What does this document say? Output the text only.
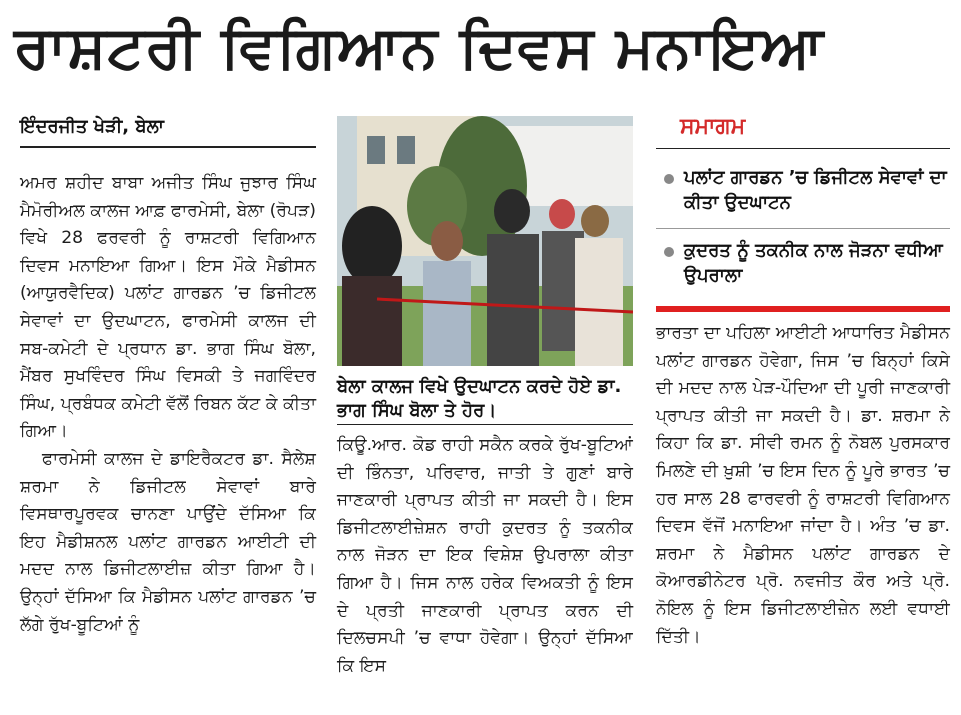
ਰਾਸ਼ਟਰੀ ਵਿਗਿਆਨ ਦਿਵਸ ਮਨਾਇਆ
ਇੰਦਰਜੀਤ ਖੇੜੀ, ਬੇਲਾ

ਅਮਰ ਸ਼ਹੀਦ ਬਾਬਾ ਅਜੀਤ ਸਿੰਘ ਜੁਝਾਰ ਸਿੰਘ ਮੈਮੋਰੀਅਲ ਕਾਲਜ ਆਫ਼ ਫਾਰਮੇਸੀ, ਬੇਲਾ (ਰੋਪੜ) ਵਿਖੇ 28 ਫਰਵਰੀ ਨੂੰ ਰਾਸ਼ਟਰੀ ਵਿਗਿਆਨ ਦਿਵਸ ਮਨਾਇਆ ਗਿਆ। ਇਸ ਮੌਕੇ ਮੈਡੀਸਨ (ਆਯੁਰਵੈਦਿਕ) ਪਲਾਂਟ ਗਾਰਡਨ ’ਚ ਡਿਜੀਟਲ ਸੇਵਾਵਾਂ ਦਾ ਉਦਘਾਟਨ, ਫਾਰਮੇਸੀ ਕਾਲਜ ਦੀ ਸਬ-ਕਮੇਟੀ ਦੇ ਪ੍ਰਧਾਨ ਡਾ. ਭਾਗ ਸਿੰਘ ਬੋਲਾ, ਮੈਂਬਰ ਸੁਖਵਿੰਦਰ ਸਿੰਘ ਵਿਸਕੀ ਤੇ ਜਗਵਿੰਦਰ ਸਿੰਘ, ਪ੍ਰਬੰਧਕ ਕਮੇਟੀ ਵੱਲੋਂ ਰਿਬਨ ਕੱਟ ਕੇ ਕੀਤਾ ਗਿਆ।

ਫਾਰਮੇਸੀ ਕਾਲਜ ਦੇ ਡਾਇਰੈਕਟਰ ਡਾ. ਸੈਲੇਸ਼ ਸ਼ਰਮਾ ਨੇ ਡਿਜੀਟਲ ਸੇਵਾਵਾਂ ਬਾਰੇ ਵਿਸਥਾਰਪੂਰਵਕ ਚਾਨਣਾ ਪਾਉਂਦੇ ਦੱਸਿਆ ਕਿ ਇਹ ਮੈਡੀਸ਼ਨਲ ਪਲਾਂਟ ਗਾਰਡਨ ਆਈਟੀ ਦੀ ਮਦਦ ਨਾਲ ਡਿਜੀਟਲਾਈਜ਼ ਕੀਤਾ ਗਿਆ ਹੈ। ਉਨ੍ਹਾਂ ਦੱਸਿਆ ਕਿ ਮੈਡੀਸਨ ਪਲਾਂਟ ਗਾਰਡਨ ’ਚ ਲੱਗੇ ਰੁੱਖ-ਬੂਟਿਆਂ ਨੂੰ

ਬੇਲਾ ਕਾਲਜ ਵਿਖੇ ਉਦਘਾਟਨ ਕਰਦੇ ਹੋਏ ਡਾ. ਭਾਗ ਸਿੰਘ ਬੋਲਾ ਤੇ ਹੋਰ।

ਕਿਊ.ਆਰ. ਕੋਡ ਰਾਹੀ ਸਕੈਨ ਕਰਕੇ ਰੁੱਖ-ਬੂਟਿਆਂ ਦੀ ਭਿੰਨਤਾ, ਪਰਿਵਾਰ, ਜਾਤੀ ਤੇ ਗੁਣਾਂ ਬਾਰੇ ਜਾਣਕਾਰੀ ਪ੍ਰਾਪਤ ਕੀਤੀ ਜਾ ਸਕਦੀ ਹੈ। ਇਸ ਡਿਜੀਟਲਾਈਜ਼ੇਸ਼ਨ ਰਾਹੀ ਕੁਦਰਤ ਨੂੰ ਤਕਨੀਕ ਨਾਲ ਜੋੜਨ ਦਾ ਇਕ ਵਿਸ਼ੇਸ਼ ਉਪਰਾਲਾ ਕੀਤਾ ਗਿਆ ਹੈ। ਜਿਸ ਨਾਲ ਹਰੇਕ ਵਿਅਕਤੀ ਨੂੰ ਇਸ ਦੇ ਪ੍ਰਤੀ ਜਾਣਕਾਰੀ ਪ੍ਰਾਪਤ ਕਰਨ ਦੀ ਦਿਲਚਸਪੀ ’ਚ ਵਾਧਾ ਹੋਵੇਗਾ। ਉਨ੍ਹਾਂ ਦੱਸਿਆ ਕਿ ਇਸ

ਸਮਾਗਮ
ਪਲਾਂਟ ਗਾਰਡਨ ’ਚ ਡਿਜੀਟਲ ਸੇਵਾਵਾਂ ਦਾ ਕੀਤਾ ਉਦਘਾਟਨ
ਕੁਦਰਤ ਨੂੰ ਤਕਨੀਕ ਨਾਲ ਜੋੜਨਾ ਵਧੀਆ ਉਪਰਾਲਾ

ਭਾਰਤਾ ਦਾ ਪਹਿਲਾ ਆਈਟੀ ਆਧਾਰਿਤ ਮੈਡੀਸਨ ਪਲਾਂਟ ਗਾਰਡਨ ਹੋਵੇਗਾ, ਜਿਸ ’ਚ ਬਿਨ੍ਹਾਂ ਕਿਸੇ ਦੀ ਮਦਦ ਨਾਲ ਪੇੜ-ਪੌਦਿਆ ਦੀ ਪੂਰੀ ਜਾਣਕਾਰੀ ਪ੍ਰਾਪਤ ਕੀਤੀ ਜਾ ਸਕਦੀ ਹੈ। ਡਾ. ਸ਼ਰਮਾ ਨੇ ਕਿਹਾ ਕਿ ਡਾ. ਸੀਵੀ ਰਮਨ ਨੂੰ ਨੋਬਲ ਪੁਰਸਕਾਰ ਮਿਲਣੇ ਦੀ ਖ਼ੁਸ਼ੀ ’ਚ ਇਸ ਦਿਨ ਨੂੰ ਪੂਰੇ ਭਾਰਤ ’ਚ ਹਰ ਸਾਲ 28 ਫਾਰਵਰੀ ਨੂੰ ਰਾਸ਼ਟਰੀ ਵਿਗਿਆਨ ਦਿਵਸ ਵੱਜੋਂ ਮਨਾਇਆ ਜਾਂਦਾ ਹੈ। ਅੰਤ ’ਚ ਡਾ. ਸ਼ਰਮਾ ਨੇ ਮੈਡੀਸਨ ਪਲਾਂਟ ਗਾਰਡਨ ਦੇ ਕੋਆਰਡੀਨੇਟਰ ਪ੍ਰੋ. ਨਵਜੀਤ ਕੌਰ ਅਤੇ ਪ੍ਰੋ. ਨੋਇਲ ਨੂੰ ਇਸ ਡਿਜੀਟਲਾਈਜ਼ੇਨ ਲਈ ਵਧਾਈ ਦਿੱਤੀ।
